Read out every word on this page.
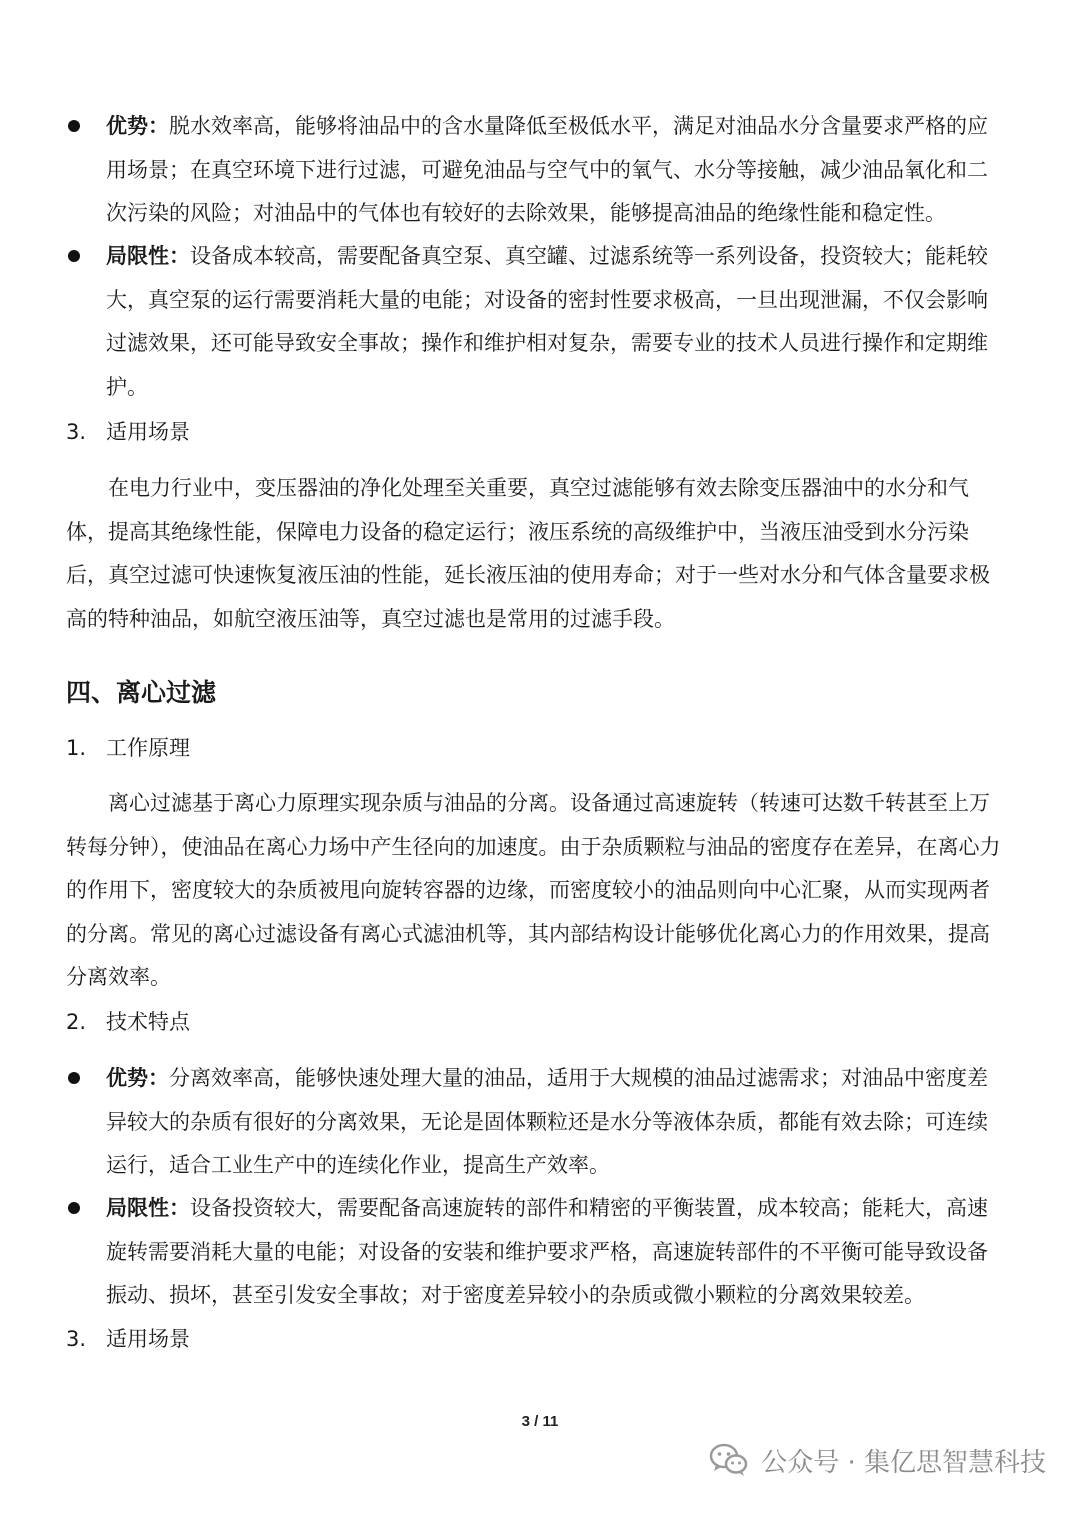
优势：脱水效率高，能够将油品中的含水量降低至极低水平，满足对油品水分含量要求严格的应用场景；在真空环境下进行过滤，可避免油品与空气中的氧气、水分等接触，减少油品氧化和二次污染的风险；对油品中的气体也有较好的去除效果，能够提高油品的绝缘性能和稳定性。
局限性：设备成本较高，需要配备真空泵、真空罐、过滤系统等一系列设备，投资较大；能耗较大，真空泵的运行需要消耗大量的电能；对设备的密封性要求极高，一旦出现泄漏，不仅会影响过滤效果，还可能导致安全事故；操作和维护相对复杂，需要专业的技术人员进行操作和定期维护。
3. 适用场景
在电力行业中，变压器油的净化处理至关重要，真空过滤能够有效去除变压器油中的水分和气体，提高其绝缘性能，保障电力设备的稳定运行；液压系统的高级维护中，当液压油受到水分污染后，真空过滤可快速恢复液压油的性能，延长液压油的使用寿命；对于一些对水分和气体含量要求极高的特种油品，如航空液压油等，真空过滤也是常用的过滤手段。
四、离心过滤
1. 工作原理
离心过滤基于离心力原理实现杂质与油品的分离。设备通过高速旋转（转速可达数千转甚至上万转每分钟），使油品在离心力场中产生径向的加速度。由于杂质颗粒与油品的密度存在差异，在离心力的作用下，密度较大的杂质被甩向旋转容器的边缘，而密度较小的油品则向中心汇聚，从而实现两者的分离。常见的离心过滤设备有离心式滤油机等，其内部结构设计能够优化离心力的作用效果，提高分离效率。
2. 技术特点
优势：分离效率高，能够快速处理大量的油品，适用于大规模的油品过滤需求；对油品中密度差异较大的杂质有很好的分离效果，无论是固体颗粒还是水分等液体杂质，都能有效去除；可连续运行，适合工业生产中的连续化作业，提高生产效率。
局限性：设备投资较大，需要配备高速旋转的部件和精密的平衡装置，成本较高；能耗大，高速旋转需要消耗大量的电能；对设备的安装和维护要求严格，高速旋转部件的不平衡可能导致设备振动、损坏，甚至引发安全事故；对于密度差异较小的杂质或微小颗粒的分离效果较差。
3. 适用场景
3 / 11
公众号 · 集亿思智慧科技
